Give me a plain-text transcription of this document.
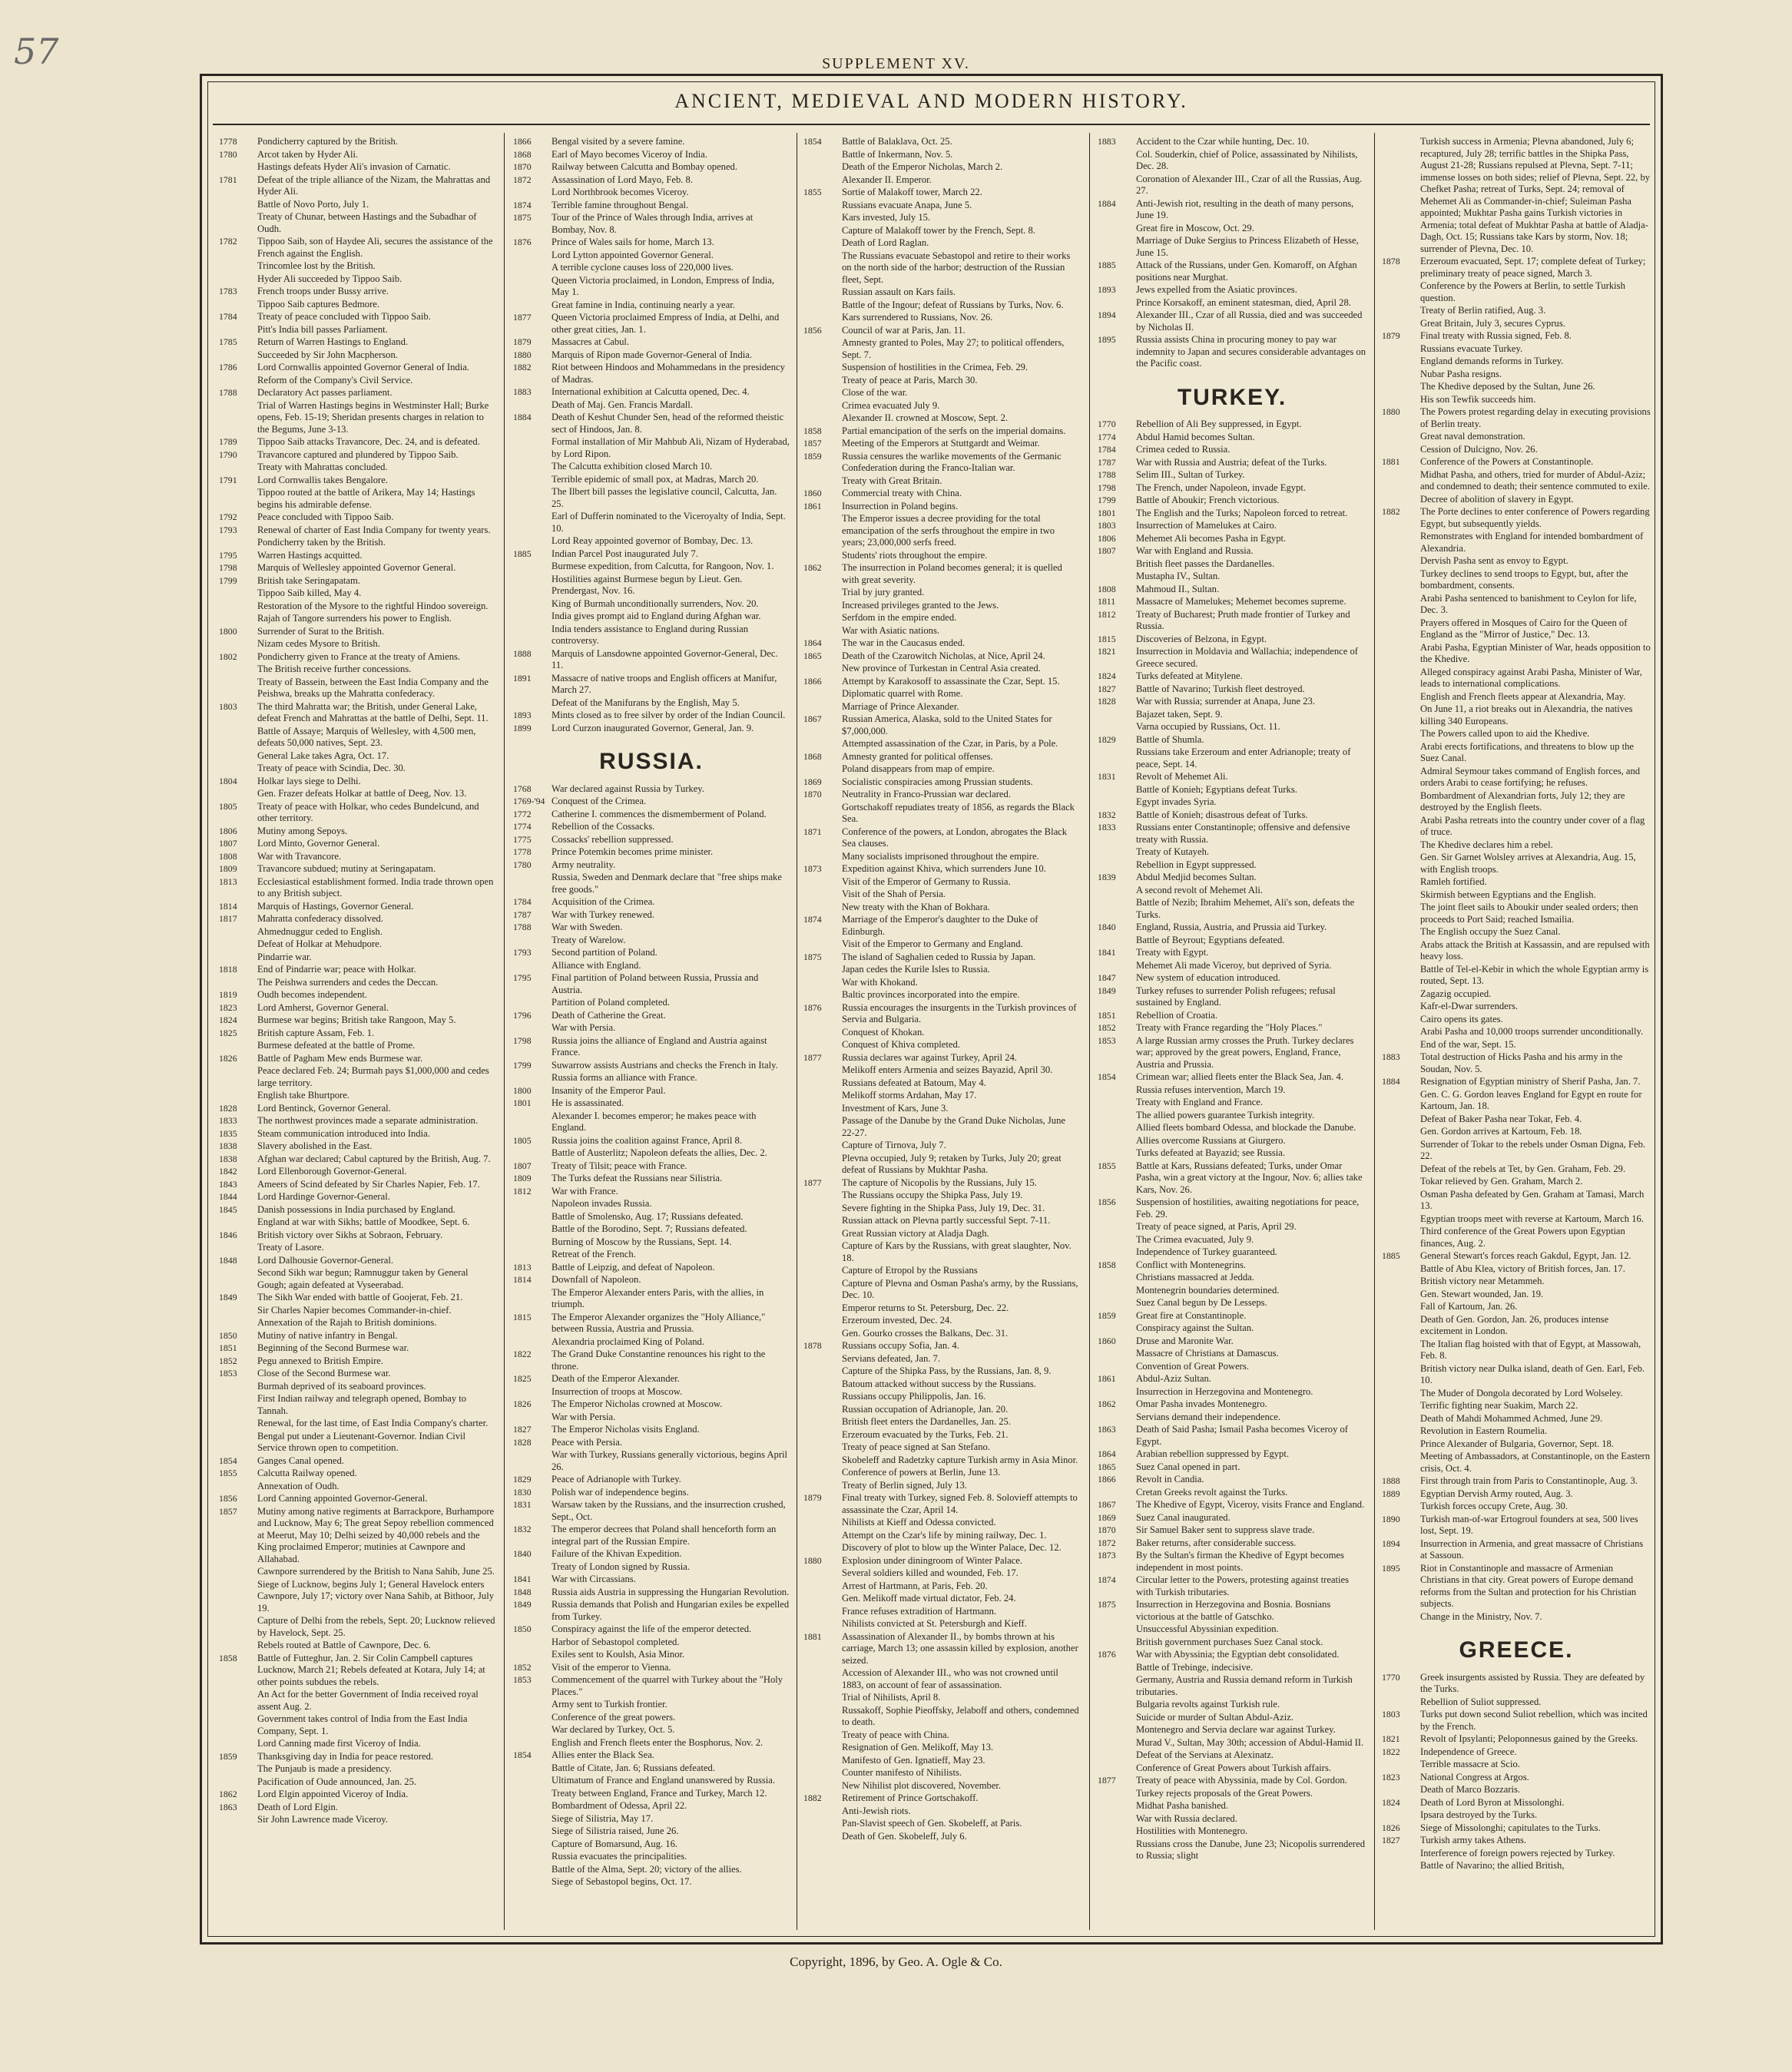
57	SUPPLEMENT XV.
ANCIENT, MEDIEVAL AND MODERN HISTORY.
1778	Pondicherry captured by the British.
1780	Arcot taken by Hyder Ali.
Hastings defeats Hyder Ali's invasion of Carnatic.
1781	Defeat of the triple alliance of the Nizam, the Mahrattas and Hyder Ali.
Battle of Novo Porto, July 1.
Treaty of Chunar, between Hastings and the Subadhar of Oudh.
1782	Tippoo Saib, son of Haydee Ali, secures the assistance of the French against the English.
Trincomlee lost by the British.
Hyder Ali succeeded by Tippoo Saib.
1783	French troops under Bussy arrive.
Tippoo Saib captures Bedmore.
1784	Treaty of peace concluded with Tippoo Saib.
Pitt's India bill passes Parliament.
1785	Return of Warren Hastings to England.
Succeeded by Sir John Macpherson.
1786	Lord Cornwallis appointed Governor General of India.
Reform of the Company's Civil Service.
1788	Declaratory Act passes parliament.
Trial of Warren Hastings begins in Westminster Hall; Burke opens, Feb. 15-19; Sheridan presents charges in relation to the Begums, June 3-13.
1789	Tippoo Saib attacks Travancore, Dec. 24, and is defeated.
1790	Travancore captured and plundered by Tippoo Saib.
Treaty with Mahrattas concluded.
1791	Lord Cornwallis takes Bengalore.
Tippoo routed at the battle of Arikera, May 14; Hastings begins his admirable defense.
1792	Peace concluded with Tippoo Saib.
1793	Renewal of charter of East India Company for twenty years.
Pondicherry taken by the British.
1795	Warren Hastings acquitted.
1798	Marquis of Wellesley appointed Governor General.
1799	British take Seringapatam.
Tippoo Saib killed, May 4.
Restoration of the Mysore to the rightful Hindoo sovereign.
Rajah of Tangore surrenders his power to English.
1800	Surrender of Surat to the British.
Nizam cedes Mysore to British.
1802	Pondicherry given to France at the treaty of Amiens.
The British receive further concessions.
Treaty of Bassein, between the East India Company and the Peishwa, breaks up the Mahratta confederacy.
1803	The third Mahratta war; the British, under General Lake, defeat French and Mahrattas at the battle of Delhi, Sept. 11.
Battle of Assaye; Marquis of Wellesley, with 4,500 men, defeats 50,000 natives, Sept. 23.
General Lake takes Agra, Oct. 17.
Treaty of peace with Scindia, Dec. 30.
1804	Holkar lays siege to Delhi.
Gen. Frazer defeats Holkar at battle of Deeg, Nov. 13.
1805	Treaty of peace with Holkar, who cedes Bundelcund, and other territory.
1806	Mutiny among Sepoys.
1807	Lord Minto, Governor General.
1808	War with Travancore.
1809	Travancore subdued; mutiny at Seringapatam.
1813	Ecclesiastical establishment formed. India trade thrown open to any British subject.
1814	Marquis of Hastings, Governor General.
1817	Mahratta confederacy dissolved.
Ahmednuggur ceded to English.
Defeat of Holkar at Mehudpore.
Pindarrie war.
1818	End of Pindarrie war; peace with Holkar.
The Peishwa surrenders and cedes the Deccan.
1819	Oudh becomes independent.
1823	Lord Amherst, Governor General.
1824	Burmese war begins; British take Rangoon, May 5.
1825	British capture Assam, Feb. 1.
Burmese defeated at the battle of Prome.
1826	Battle of Pagham Mew ends Burmese war.
Peace declared Feb. 24; Burmah pays $1,000,000 and cedes large territory.
English take Bhurtpore.
1828	Lord Bentinck, Governor General.
1833	The northwest provinces made a separate administration.
1835	Steam communication introduced into India.
1838	Slavery abolished in the East.
1838	Afghan war declared; Cabul captured by the British, Aug. 7.
1842	Lord Ellenborough Governor-General.
1843	Ameers of Scind defeated by Sir Charles Napier, Feb. 17.
1844	Lord Hardinge Governor-General.
1845	Danish possessions in India purchased by England.
England at war with Sikhs; battle of Moodkee, Sept. 6.
1846	British victory over Sikhs at Sobraon, February.
Treaty of Lasore.
1848	Lord Dalhousie Governor-General.
Second Sikh war begun; Ramnuggur taken by General Gough; again defeated at Vyseerabad.
1849	The Sikh War ended with battle of Goojerat, Feb. 21.
Sir Charles Napier becomes Commander-in-chief.
Annexation of the Rajah to British dominions.
1850	Mutiny of native infantry in Bengal.
1851	Beginning of the Second Burmese war.
1852	Pegu annexed to British Empire.
1853	Close of the Second Burmese war.
Burmah deprived of its seaboard provinces.
First Indian railway and telegraph opened, Bombay to Tannah.
Renewal, for the last time, of East India Company's charter.
Bengal put under a Lieutenant-Governor. Indian Civil Service thrown open to competition.
1854	Ganges Canal opened.
1855	Calcutta Railway opened.
Annexation of Oudh.
1856	Lord Canning appointed Governor-General.
1857	Mutiny among native regiments at Barrackpore, Burhampore and Lucknow, May 6; The great Sepoy rebellion commenced at Meerut, May 10; Delhi seized by 40,000 rebels and the King proclaimed Emperor; mutinies at Cawnpore and Allahabad.
Cawnpore surrendered by the British to Nana Sahib, June 25.
Siege of Lucknow, begins July 1; General Havelock enters Cawnpore, July 17; victory over Nana Sahib, at Bithoor, July 19.
Capture of Delhi from the rebels, Sept. 20; Lucknow relieved by Havelock, Sept. 25.
Rebels routed at Battle of Cawnpore, Dec. 6.
1858	Battle of Futteghur, Jan. 2. Sir Colin Campbell captures Lucknow, March 21; Rebels defeated at Kotara, July 14; at other points subdues the rebels.
An Act for the better Government of India received royal assent Aug. 2.
Government takes control of India from the East India Company, Sept. 1.
Lord Canning made first Viceroy of India.
1859	Thanksgiving day in India for peace restored.
The Punjaub is made a presidency.
Pacification of Oude announced, Jan. 25.
1862	Lord Elgin appointed Viceroy of India.
1863	Death of Lord Elgin.
Sir John Lawrence made Viceroy.
1866	Bengal visited by a severe famine.
1868	Earl of Mayo becomes Viceroy of India.
1870	Railway between Calcutta and Bombay opened.
1872	Assassination of Lord Mayo, Feb. 8.
Lord Northbrook becomes Viceroy.
1874	Terrible famine throughout Bengal.
1875	Tour of the Prince of Wales through India, arrives at Bombay, Nov. 8.
1876	Prince of Wales sails for home, March 13.
Lord Lytton appointed Governor General.
A terrible cyclone causes loss of 220,000 lives.
Queen Victoria proclaimed, in London, Empress of India, May 1.
Great famine in India, continuing nearly a year.
1877	Queen Victoria proclaimed Empress of India, at Delhi, and other great cities, Jan. 1.
1879	Massacres at Cabul.
1880	Marquis of Ripon made Governor-General of India.
1882	Riot between Hindoos and Mohammedans in the presidency of Madras.
1883	International exhibition at Calcutta opened, Dec. 4.
Death of Maj. Gen. Francis Mardall.
1884	Death of Keshut Chunder Sen, head of the reformed theistic sect of Hindoos, Jan. 8.
Formal installation of Mir Mahbub Ali, Nizam of Hyderabad, by Lord Ripon.
The Calcutta exhibition closed March 10.
Terrible epidemic of small pox, at Madras, March 20.
The Ilbert bill passes the legislative council, Calcutta, Jan. 25.
Earl of Dufferin nominated to the Viceroyalty of India, Sept. 10.
Lord Reay appointed governor of Bombay, Dec. 13.
1885	Indian Parcel Post inaugurated July 7.
Burmese expedition, from Calcutta, for Rangoon, Nov. 1.
Hostilities against Burmese begun by Lieut. Gen. Prendergast, Nov. 16.
King of Burmah unconditionally surrenders, Nov. 20.
India gives prompt aid to England during Afghan war.
India tenders assistance to England during Russian controversy.
1888	Marquis of Lansdowne appointed Governor-General, Dec. 11.
1891	Massacre of native troops and English officers at Manifur, March 27.
Defeat of the Manifurans by the English, May 5.
1893	Mints closed as to free silver by order of the Indian Council.
1899	Lord Curzon inaugurated Governor, General, Jan. 9.
RUSSIA.
1768	War declared against Russia by Turkey.
1769-'94 Conquest of the Crimea.
1772	Catherine I. commences the dismemberment of Poland.
1774	Rebellion of the Cossacks.
1775	Cossacks' rebellion suppressed.
1778	Prince Potemkin becomes prime minister.
1780	Army neutrality.
Russia, Sweden and Denmark declare that "free ships make free goods."
1784	Acquisition of the Crimea.
1787	War with Turkey renewed.
1788	War with Sweden.
Treaty of Warelow.
1793	Second partition of Poland.
Alliance with England.
1795	Final partition of Poland between Russia, Prussia and Austria.
Partition of Poland completed.
1796	Death of Catherine the Great.
War with Persia.
1798	Russia joins the alliance of England and Austria against France.
1799	Suwarrow assists Austrians and checks the French in Italy.
Russia forms an alliance with France.
1800	Insanity of the Emperor Paul.
1801	He is assassinated.
Alexander I. becomes emperor; he makes peace with England.
1805	Russia joins the coalition against France, April 8.
Battle of Austerlitz; Napoleon defeats the allies, Dec. 2.
1807	Treaty of Tilsit; peace with France.
1809	The Turks defeat the Russians near Silistria.
1812	War with France.
Napoleon invades Russia.
Battle of Smolensko, Aug. 17; Russians defeated.
Battle of the Borodino, Sept. 7; Russians defeated.
Burning of Moscow by the Russians, Sept. 14.
Retreat of the French.
1813	Battle of Leipzig, and defeat of Napoleon.
1814	Downfall of Napoleon.
The Emperor Alexander enters Paris, with the allies, in triumph.
1815	The Emperor Alexander organizes the "Holy Alliance," between Russia, Austria and Prussia.
Alexandria proclaimed King of Poland.
1822	The Grand Duke Constantine renounces his right to the throne.
1825	Death of the Emperor Alexander.
Insurrection of troops at Moscow.
1826	The Emperor Nicholas crowned at Moscow.
War with Persia.
1827	The Emperor Nicholas visits England.
1828	Peace with Persia.
War with Turkey, Russians generally victorious, begins April 26.
1829	Peace of Adrianople with Turkey.
1830	Polish war of independence begins.
1831	Warsaw taken by the Russians, and the insurrection crushed, Sept., Oct.
1832	The emperor decrees that Poland shall henceforth form an integral part of the Russian Empire.
1840	Failure of the Khivan Expedition.
Treaty of London signed by Russia.
1841	War with Circassians.
1848	Russia aids Austria in suppressing the Hungarian Revolution.
1849	Russia demands that Polish and Hungarian exiles be expelled from Turkey.
1850	Conspiracy against the life of the emperor detected.
Harbor of Sebastopol completed.
Exiles sent to Koulsh, Asia Minor.
1852	Visit of the emperor to Vienna.
1853	Commencement of the quarrel with Turkey about the "Holy Places."
Army sent to Turkish frontier.
Conference of the great powers.
War declared by Turkey, Oct. 5.
English and French fleets enter the Bosphorus, Nov. 2.
1854	Allies enter the Black Sea.
Battle of Citate, Jan. 6; Russians defeated.
Ultimatum of France and England unanswered by Russia.
Treaty between England, France and Turkey, March 12.
Bombardment of Odessa, April 22.
Siege of Silistria, May 17.
Siege of Silistria raised, June 26.
Capture of Bomarsund, Aug. 16.
Russia evacuates the principalities.
Battle of the Alma, Sept. 20; victory of the allies.
Siege of Sebastopol begins, Oct. 17.
1854	Battle of Balaklava, Oct. 25.
Battle of Inkermann, Nov. 5.
Death of the Emperor Nicholas, March 2.
Alexander II. Emperor.
1855	Sortie of Malakoff tower, March 22.
Russians evacuate Anapa, June 5.
Kars invested, July 15.
Capture of Malakoff tower by the French, Sept. 8.
Death of Lord Raglan.
The Russians evacuate Sebastopol and retire to their works on the north side of the harbor; destruction of the Russian fleet, Sept.
Russian assault on Kars fails.
Battle of the Ingour; defeat of Russians by Turks, Nov. 6.
Kars surrendered to Russians, Nov. 26.
1856	Council of war at Paris, Jan. 11.
Amnesty granted to Poles, May 27; to political offenders, Sept. 7.
Suspension of hostilities in the Crimea, Feb. 29.
Treaty of peace at Paris, March 30.
Close of the war.
Crimea evacuated July 9.
Alexander II. crowned at Moscow, Sept. 2.
1858	Partial emancipation of the serfs on the imperial domains.
1857	Meeting of the Emperors at Stuttgardt and Weimar.
1859	Russia censures the warlike movements of the Germanic Confederation during the Franco-Italian war.
Treaty with Great Britain.
1860	Commercial treaty with China.
1861	Insurrection in Poland begins.
The Emperor issues a decree providing for the total emancipation of the serfs throughout the empire in two years; 23,000,000 serfs freed.
Students' riots throughout the empire.
1862	The insurrection in Poland becomes general; it is quelled with great severity.
Trial by jury granted.
Increased privileges granted to the Jews.
Serfdom in the empire ended.
War with Asiatic nations.
1864	The war in the Caucasus ended.
1865	Death of the Czarowitch Nicholas, at Nice, April 24.
New province of Turkestan in Central Asia created.
1866	Attempt by Karakosoff to assassinate the Czar, Sept. 15.
Diplomatic quarrel with Rome.
Marriage of Prince Alexander.
1867	Russian America, Alaska, sold to the United States for $7,000,000.
Attempted assassination of the Czar, in Paris, by a Pole.
1868	Amnesty granted for political offenses.
Poland disappears from map of empire.
1869	Socialistic conspiracies among Prussian students.
1870	Neutrality in Franco-Prussian war declared.
Gortschakoff repudiates treaty of 1856, as regards the Black Sea.
1871	Conference of the powers, at London, abrogates the Black Sea clauses.
Many socialists imprisoned throughout the empire.
1873	Expedition against Khiva, which surrenders June 10.
Visit of the Emperor of Germany to Russia.
Visit of the Shah of Persia.
New treaty with the Khan of Bokhara.
1874	Marriage of the Emperor's daughter to the Duke of Edinburgh.
Visit of the Emperor to Germany and England.
1875	The island of Saghalien ceded to Russia by Japan.
Japan cedes the Kurile Isles to Russia.
War with Khokand.
Baltic provinces incorporated into the empire.
1876	Russia encourages the insurgents in the Turkish provinces of Servia and Bulgaria.
Conquest of Khokan.
Conquest of Khiva completed.
1877	Russia declares war against Turkey, April 24.
Melikoff enters Armenia and seizes Bayazid, April 30.
Russians defeated at Batoum, May 4.
Melikoff storms Ardahan, May 17.
Investment of Kars, June 3.
Passage of the Danube by the Grand Duke Nicholas, June 22-27.
Capture of Tirnova, July 7.
Plevna occupied, July 9; retaken by Turks, July 20; great defeat of Russians by Mukhtar Pasha.
1877	The capture of Nicopolis by the Russians, July 15.
The Russians occupy the Shipka Pass, July 19.
Severe fighting in the Shipka Pass, July 19, Dec. 31.
Russian attack on Plevna partly successful Sept. 7-11.
Great Russian victory at Aladja Dagh.
Capture of Kars by the Russians, with great slaughter, Nov. 18.
Capture of Etropol by the Russians
Capture of Plevna and Osman Pasha's army, by the Russians, Dec. 10.
Emperor returns to St. Petersburg, Dec. 22.
Erzeroum invested, Dec. 24.
Gen. Gourko crosses the Balkans, Dec. 31.
1878	Russians occupy Sofia, Jan. 4.
Servians defeated, Jan. 7.
Capture of the Shipka Pass, by the Russians, Jan. 8, 9.
Batoum attacked without success by the Russians.
Russians occupy Philippolis, Jan. 16.
Russian occupation of Adrianople, Jan. 20.
British fleet enters the Dardanelles, Jan. 25.
Erzeroum evacuated by the Turks, Feb. 21.
Treaty of peace signed at San Stefano.
Skobeleff and Radetzky capture Turkish army in Asia Minor.
Conference of powers at Berlin, June 13.
Treaty of Berlin signed, July 13.
1879	Final treaty with Turkey, signed Feb. 8. Solovieff attempts to assassinate the Czar, April 14.
Nihilists at Kieff and Odessa convicted.
Attempt on the Czar's life by mining railway, Dec. 1.
Discovery of plot to blow up the Winter Palace, Dec. 12.
1880	Explosion under diningroom of Winter Palace.
Several soldiers killed and wounded, Feb. 17.
Arrest of Hartmann, at Paris, Feb. 20.
Gen. Melikoff made virtual dictator, Feb. 24.
France refuses extradition of Hartmann.
Nihilists convicted at St. Petersburgh and Kieff.
1881	Assassination of Alexander II., by bombs thrown at his carriage, March 13; one assassin killed by explosion, another seized.
Accession of Alexander III., who was not crowned until 1883, on account of fear of assassination.
Trial of Nihilists, April 8.
Russakoff, Sophie Pieoffsky, Jelaboff and others, condemned to death.
Treaty of peace with China.
Resignation of Gen. Melikoff, May 13.
Manifesto of Gen. Ignatieff, May 23.
Counter manifesto of Nihilists.
New Nihilist plot discovered, November.
1882	Retirement of Prince Gortschakoff.
Anti-Jewish riots.
Pan-Slavist speech of Gen. Skobeleff, at Paris.
Death of Gen. Skobeleff, July 6.
1883	Accident to the Czar while hunting, Dec. 10.
Col. Souderkin, chief of Police, assassinated by Nihilists, Dec. 28.
Coronation of Alexander III., Czar of all the Russias, Aug. 27.
1884	Anti-Jewish riot, resulting in the death of many persons, June 19.
Great fire in Moscow, Oct. 29.
Marriage of Duke Sergius to Princess Elizabeth of Hesse, June 15.
1885	Attack of the Russians, under Gen. Komaroff, on Afghan positions near Murghat.
1893	Jews expelled from the Asiatic provinces.
Prince Korsakoff, an eminent statesman, died, April 28.
1894	Alexander III., Czar of all Russia, died and was succeeded by Nicholas II.
1895	Russia assists China in procuring money to pay war indemnity to Japan and secures considerable advantages on the Pacific coast.
TURKEY.
1770	Rebellion of Ali Bey suppressed, in Egypt.
1774	Abdul Hamid becomes Sultan.
1784	Crimea ceded to Russia.
1787	War with Russia and Austria; defeat of the Turks.
1788	Selim III., Sultan of Turkey.
1798	The French, under Napoleon, invade Egypt.
1799	Battle of Aboukir; French victorious.
1801	The English and the Turks; Napoleon forced to retreat.
1803	Insurrection of Mamelukes at Cairo.
1806	Mehemet Ali becomes Pasha in Egypt.
1807	War with England and Russia.
British fleet passes the Dardanelles.
Mustapha IV., Sultan.
1808	Mahmoud II., Sultan.
1811	Massacre of Mamelukes; Mehemet becomes supreme.
1812	Treaty of Bucharest; Pruth made frontier of Turkey and Russia.
1815	Discoveries of Belzona, in Egypt.
1821	Insurrection in Moldavia and Wallachia; independence of Greece secured.
1824	Turks defeated at Mitylene.
1827	Battle of Navarino; Turkish fleet destroyed.
1828	War with Russia; surrender at Anapa, June 23.
Bajazet taken, Sept. 9.
Varna occupied by Russians, Oct. 11.
1829	Battle of Shumla.
Russians take Erzeroum and enter Adrianople; treaty of peace, Sept. 14.
1831	Revolt of Mehemet Ali.
Battle of Konieh; Egyptians defeat Turks.
Egypt invades Syria.
1832	Battle of Konieh; disastrous defeat of Turks.
1833	Russians enter Constantinople; offensive and defensive treaty with Russia.
Treaty of Kutayeh.
Rebellion in Egypt suppressed.
1839	Abdul Medjid becomes Sultan.
A second revolt of Mehemet Ali.
Battle of Nezib; Ibrahim Mehemet, Ali's son, defeats the Turks.
1840	England, Russia, Austria, and Prussia aid Turkey.
Battle of Beyrout; Egyptians defeated.
1841	Treaty with Egypt.
Mehemet Ali made Viceroy, but deprived of Syria.
1847	New system of education introduced.
1849	Turkey refuses to surrender Polish refugees; refusal sustained by England.
1851	Rebellion of Croatia.
1852	Treaty with France regarding the "Holy Places."
1853	A large Russian army crosses the Pruth. Turkey declares war; approved by the great powers, England, France, Austria and Prussia.
1854	Crimean war; allied fleets enter the Black Sea, Jan. 4.
Russia refuses intervention, March 19.
Treaty with England and France.
The allied powers guarantee Turkish integrity.
Allied fleets bombard Odessa, and blockade the Danube.
Allies overcome Russians at Giurgero.
Turks defeated at Bayazid; see Russia.
1855	Battle at Kars, Russians defeated; Turks, under Omar Pasha, win a great victory at the Ingour, Nov. 6; allies take Kars, Nov. 26.
1856	Suspension of hostilities, awaiting negotiations for peace, Feb. 29.
Treaty of peace signed, at Paris, April 29.
The Crimea evacuated, July 9.
Independence of Turkey guaranteed.
1858	Conflict with Montenegrins.
Christians massacred at Jedda.
Montenegrin boundaries determined.
Suez Canal begun by De Lesseps.
1859	Great fire at Constantinople.
Conspiracy against the Sultan.
1860	Druse and Maronite War.
Massacre of Christians at Damascus.
Convention of Great Powers.
1861	Abdul-Aziz Sultan.
Insurrection in Herzegovina and Montenegro.
1862	Omar Pasha invades Montenegro.
Servians demand their independence.
1863	Death of Said Pasha; Ismail Pasha becomes Viceroy of Egypt.
1864	Arabian rebellion suppressed by Egypt.
1865	Suez Canal opened in part.
1866	Revolt in Candia.
Cretan Greeks revolt against the Turks.
1867	The Khedive of Egypt, Viceroy, visits France and England.
1869	Suez Canal inaugurated.
1870	Sir Samuel Baker sent to suppress slave trade.
1872	Baker returns, after considerable success.
1873	By the Sultan's firman the Khedive of Egypt becomes independent in most points.
1874	Circular letter to the Powers, protesting against treaties with Turkish tributaries.
1875	Insurrection in Herzegovina and Bosnia. Bosnians victorious at the battle of Gatschko.
Unsuccessful Abyssinian expedition.
British government purchases Suez Canal stock.
1876	War with Abyssinia; the Egyptian debt consolidated.
Battle of Trebinge, indecisive.
Germany, Austria and Russia demand reform in Turkish tributaries.
Bulgaria revolts against Turkish rule.
Suicide or murder of Sultan Abdul-Aziz.
Montenegro and Servia declare war against Turkey.
Murad V., Sultan, May 30th; accession of Abdul-Hamid II.
Defeat of the Servians at Alexinatz.
Conference of Great Powers about Turkish affairs.
1877	Treaty of peace with Abyssinia, made by Col. Gordon.
Turkey rejects proposals of the Great Powers.
Midhat Pasha banished.
War with Russia declared.
Hostilities with Montenegro.
Russians cross the Danube, June 23; Nicopolis surrendered to Russia; slight
Turkish success in Armenia; Plevna abandoned, July 6; recaptured, July 28; terrific battles in the Shipka Pass, August 21-28; Russians repulsed at Plevna, Sept. 7-11; immense losses on both sides; relief of Plevna, Sept. 22, by Chefket Pasha; retreat of Turks, Sept. 24; removal of Mehemet Ali as Commander-in-chief; Suleiman Pasha appointed; Mukhtar Pasha gains Turkish victories in Armenia; total defeat of Mukhtar Pasha at battle of Aladja-Dagh, Oct. 15; Russians take Kars by storm, Nov. 18; surrender of Plevna, Dec. 10.
1878	Erzeroum evacuated, Sept. 17; complete defeat of Turkey; preliminary treaty of peace signed, March 3.
Conference by the Powers at Berlin, to settle Turkish question.
Treaty of Berlin ratified, Aug. 3.
Great Britain, July 3, secures Cyprus.
1879	Final treaty with Russia signed, Feb. 8.
Russians evacuate Turkey.
England demands reforms in Turkey.
Nubar Pasha resigns.
The Khedive deposed by the Sultan, June 26.
His son Tewfik succeeds him.
1880	The Powers protest regarding delay in executing provisions of Berlin treaty.
Great naval demonstration.
Cession of Dulcigno, Nov. 26.
1881	Conference of the Powers at Constantinople.
Midhat Pasha, and others, tried for murder of Abdul-Aziz; and condemned to death; their sentence commuted to exile.
Decree of abolition of slavery in Egypt.
1882	The Porte declines to enter conference of Powers regarding Egypt, but subsequently yields.
Remonstrates with England for intended bombardment of Alexandria.
Dervish Pasha sent as envoy to Egypt.
Turkey declines to send troops to Egypt, but, after the bombardment, consents.
Arabi Pasha sentenced to banishment to Ceylon for life, Dec. 3.
Prayers offered in Mosques of Cairo for the Queen of England as the "Mirror of Justice," Dec. 13.
Arabi Pasha, Egyptian Minister of War, heads opposition to the Khedive.
Alleged conspiracy against Arabi Pasha, Minister of War, leads to international complications.
English and French fleets appear at Alexandria, May.
On June 11, a riot breaks out in Alexandria, the natives killing 340 Europeans.
The Powers called upon to aid the Khedive.
Arabi erects fortifications, and threatens to blow up the Suez Canal.
Admiral Seymour takes command of English forces, and orders Arabi to cease fortifying; he refuses.
Bombardment of Alexandrian forts, July 12; they are destroyed by the English fleets.
Arabi Pasha retreats into the country under cover of a flag of truce.
The Khedive declares him a rebel.
Gen. Sir Garnet Wolsley arrives at Alexandria, Aug. 15, with English troops.
Ramleh fortified.
Skirmish between Egyptians and the English.
The joint fleet sails to Aboukir under sealed orders; then proceeds to Port Said; reached Ismailia.
The English occupy the Suez Canal.
Arabs attack the British at Kassassin, and are repulsed with heavy loss.
Battle of Tel-el-Kebir in which the whole Egyptian army is routed, Sept. 13.
Zagazig occupied.
Kafr-el-Dwar surrenders.
Cairo opens its gates.
Arabi Pasha and 10,000 troops surrender unconditionally.
End of the war, Sept. 15.
1883	Total destruction of Hicks Pasha and his army in the Soudan, Nov. 5.
1884	Resignation of Egyptian ministry of Sherif Pasha, Jan. 7.
Gen. C. G. Gordon leaves England for Egypt en route for Kartoum, Jan. 18.
Defeat of Baker Pasha near Tokar, Feb. 4.
Gen. Gordon arrives at Kartoum, Feb. 18.
Surrender of Tokar to the rebels under Osman Digna, Feb. 22.
Defeat of the rebels at Tet, by Gen. Graham, Feb. 29.
Tokar relieved by Gen. Graham, March 2.
Osman Pasha defeated by Gen. Graham at Tamasi, March 13.
Egyptian troops meet with reverse at Kartoum, March 16.
Third conference of the Great Powers upon Egyptian finances, Aug. 2.
1885	General Stewart's forces reach Gakdul, Egypt, Jan. 12.
Battle of Abu Klea, victory of British forces, Jan. 17.
British victory near Metammeh.
Gen. Stewart wounded, Jan. 19.
Fall of Kartoum, Jan. 26.
Death of Gen. Gordon, Jan. 26, produces intense excitement in London.
The Italian flag hoisted with that of Egypt, at Massowah, Feb. 8.
British victory near Dulka island, death of Gen. Earl, Feb. 10.
The Muder of Dongola decorated by Lord Wolseley.
Terrific fighting near Suakim, March 22.
Death of Mahdi Mohammed Achmed, June 29.
Revolution in Eastern Roumelia.
Prince Alexander of Bulgaria, Governor, Sept. 18.
Meeting of Ambassadors, at Constantinople, on the Eastern crisis, Oct. 4.
1888	First through train from Paris to Constantinople, Aug. 3.
1889	Egyptian Dervish Army routed, Aug. 3.
Turkish forces occupy Crete, Aug. 30.
1890	Turkish man-of-war Ertogroul founders at sea, 500 lives lost, Sept. 19.
1894	Insurrection in Armenia, and great massacre of Christians at Sassoun.
1895	Riot in Constantinople and massacre of Armenian Christians in that city. Great powers of Europe demand reforms from the Sultan and protection for his Christian subjects.
Change in the Ministry, Nov. 7.
GREECE.
1770	Greek insurgents assisted by Russia. They are defeated by the Turks.
Rebellion of Suliot suppressed.
1803	Turks put down second Suliot rebellion, which was incited by the French.
1821	Revolt of Ipsylanti; Peloponnesus gained by the Greeks.
1822	Independence of Greece.
Terrible massacre at Scio.
1823	National Congress at Argos.
Death of Marco Bozzaris.
1824	Death of Lord Byron at Missolonghi.
Ipsara destroyed by the Turks.
1826	Siege of Missolonghi; capitulates to the Turks.
1827	Turkish army takes Athens.
Interference of foreign powers rejected by Turkey.
Battle of Navarino; the allied British,
Copyright, 1896, by Geo. A. Ogle & Co.
